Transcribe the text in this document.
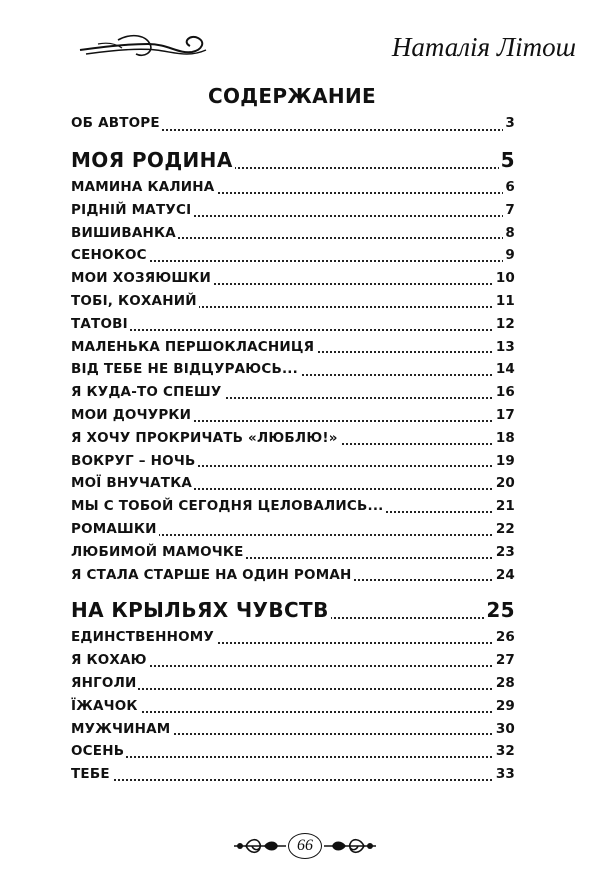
Наталія Літош
СОДЕРЖАНИЕ
ОБ АВТОРЕ	3
МОЯ РОДИНА	5
МАМИНА КАЛИНА	6
РІДНІЙ МАТУСІ	7
ВИШИВАНКА	8
СЕНОКОС	9
МОИ ХОЗЯЮШКИ	10
ТОБІ, КОХАНИЙ	11
ТАТОВІ	12
МАЛЕНЬКА ПЕРШОКЛАСНИЦЯ	13
ВІД ТЕБЕ НЕ ВІДЦУРАЮСЬ...	14
Я КУДА-ТО СПЕШУ	16
МОИ ДОЧУРКИ	17
Я ХОЧУ ПРОКРИЧАТЬ «ЛЮБЛЮ!»	18
ВОКРУГ – НОЧЬ	19
МОЇ ВНУЧАТКА	20
МЫ С ТОБОЙ СЕГОДНЯ ЦЕЛОВАЛИСЬ...	21
РОМАШКИ	22
ЛЮБИМОЙ МАМОЧКЕ	23
Я СТАЛА СТАРШЕ НА ОДИН РОМАН	24
НА КРЫЛЬЯХ ЧУВСТВ	25
ЕДИНСТВЕННОМУ	26
Я КОХАЮ	27
ЯНГОЛИ	28
ЇЖАЧОК	29
МУЖЧИНАМ	30
ОСЕНЬ	32
ТЕБЕ	33
66
